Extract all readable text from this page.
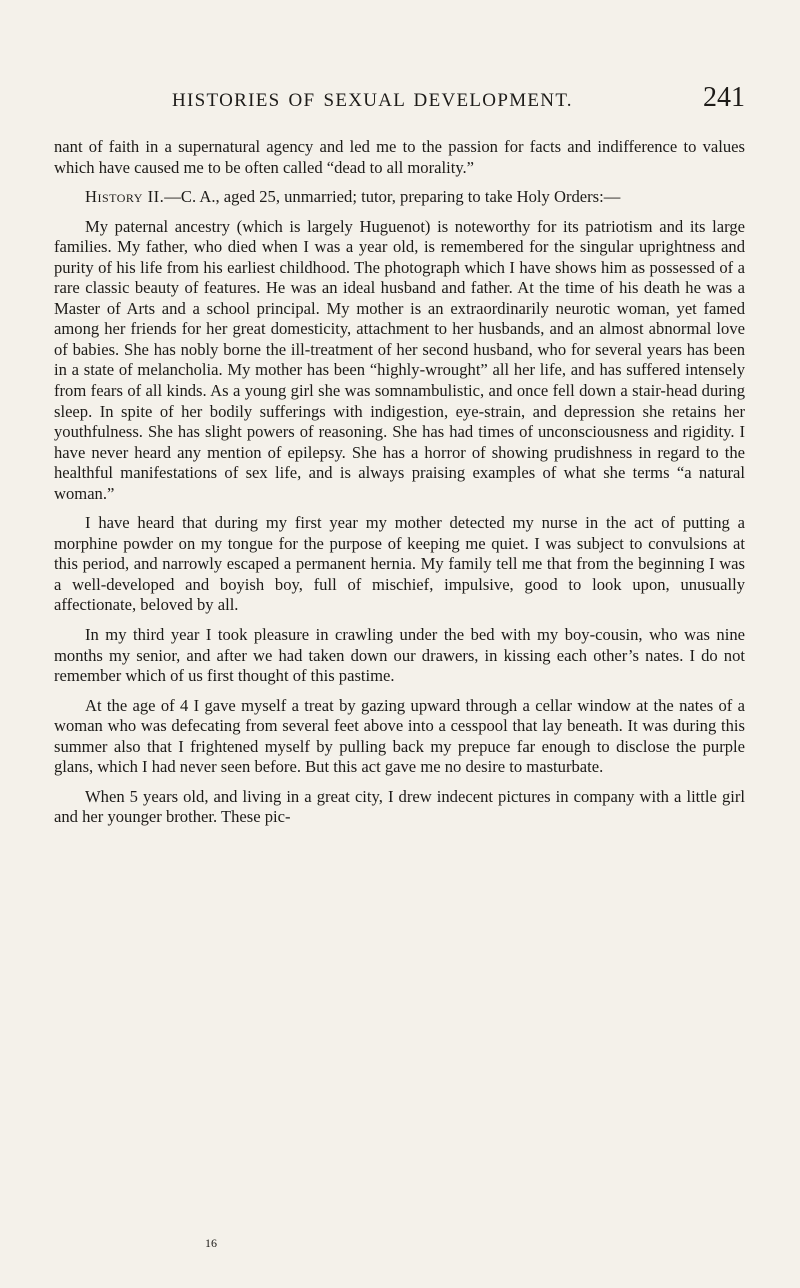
HISTORIES OF SEXUAL DEVELOPMENT.	241

nant of faith in a supernatural agency and led me to the passion for facts and indifference to values which have caused me to be often called “dead to all morality.”

History II.—C. A., aged 25, unmarried; tutor, preparing to take Holy Orders:—

My paternal ancestry (which is largely Huguenot) is noteworthy for its patriotism and its large families. My father, who died when I was a year old, is remembered for the singular uprightness and purity of his life from his earliest childhood. The photograph which I have shows him as possessed of a rare classic beauty of features. He was an ideal husband and father. At the time of his death he was a Master of Arts and a school principal. My mother is an extraordinarily neurotic woman, yet famed among her friends for her great domesticity, attachment to her husbands, and an almost abnormal love of babies. She has nobly borne the ill-treatment of her second husband, who for several years has been in a state of melancholia. My mother has been “highly-wrought” all her life, and has suffered intensely from fears of all kinds. As a young girl she was somnambulistic, and once fell down a stair-head during sleep. In spite of her bodily sufferings with indigestion, eye-strain, and depression she retains her youthfulness. She has slight powers of reasoning. She has had times of unconsciousness and rigidity. I have never heard any mention of epilepsy. She has a horror of showing prudishness in regard to the healthful manifestations of sex life, and is always praising examples of what she terms “a natural woman.”

I have heard that during my first year my mother detected my nurse in the act of putting a morphine powder on my tongue for the purpose of keeping me quiet. I was subject to convulsions at this period, and narrowly escaped a permanent hernia. My family tell me that from the beginning I was a well-developed and boyish boy, full of mischief, impulsive, good to look upon, unusually affectionate, beloved by all.

In my third year I took pleasure in crawling under the bed with my boy-cousin, who was nine months my senior, and after we had taken down our drawers, in kissing each other’s nates. I do not remember which of us first thought of this pastime.

At the age of 4 I gave myself a treat by gazing upward through a cellar window at the nates of a woman who was defecating from several feet above into a cesspool that lay beneath. It was during this summer also that I frightened myself by pulling back my prepuce far enough to disclose the purple glans, which I had never seen before. But this act gave me no desire to masturbate.

When 5 years old, and living in a great city, I drew indecent pictures in company with a little girl and her younger brother. These pic-

16
